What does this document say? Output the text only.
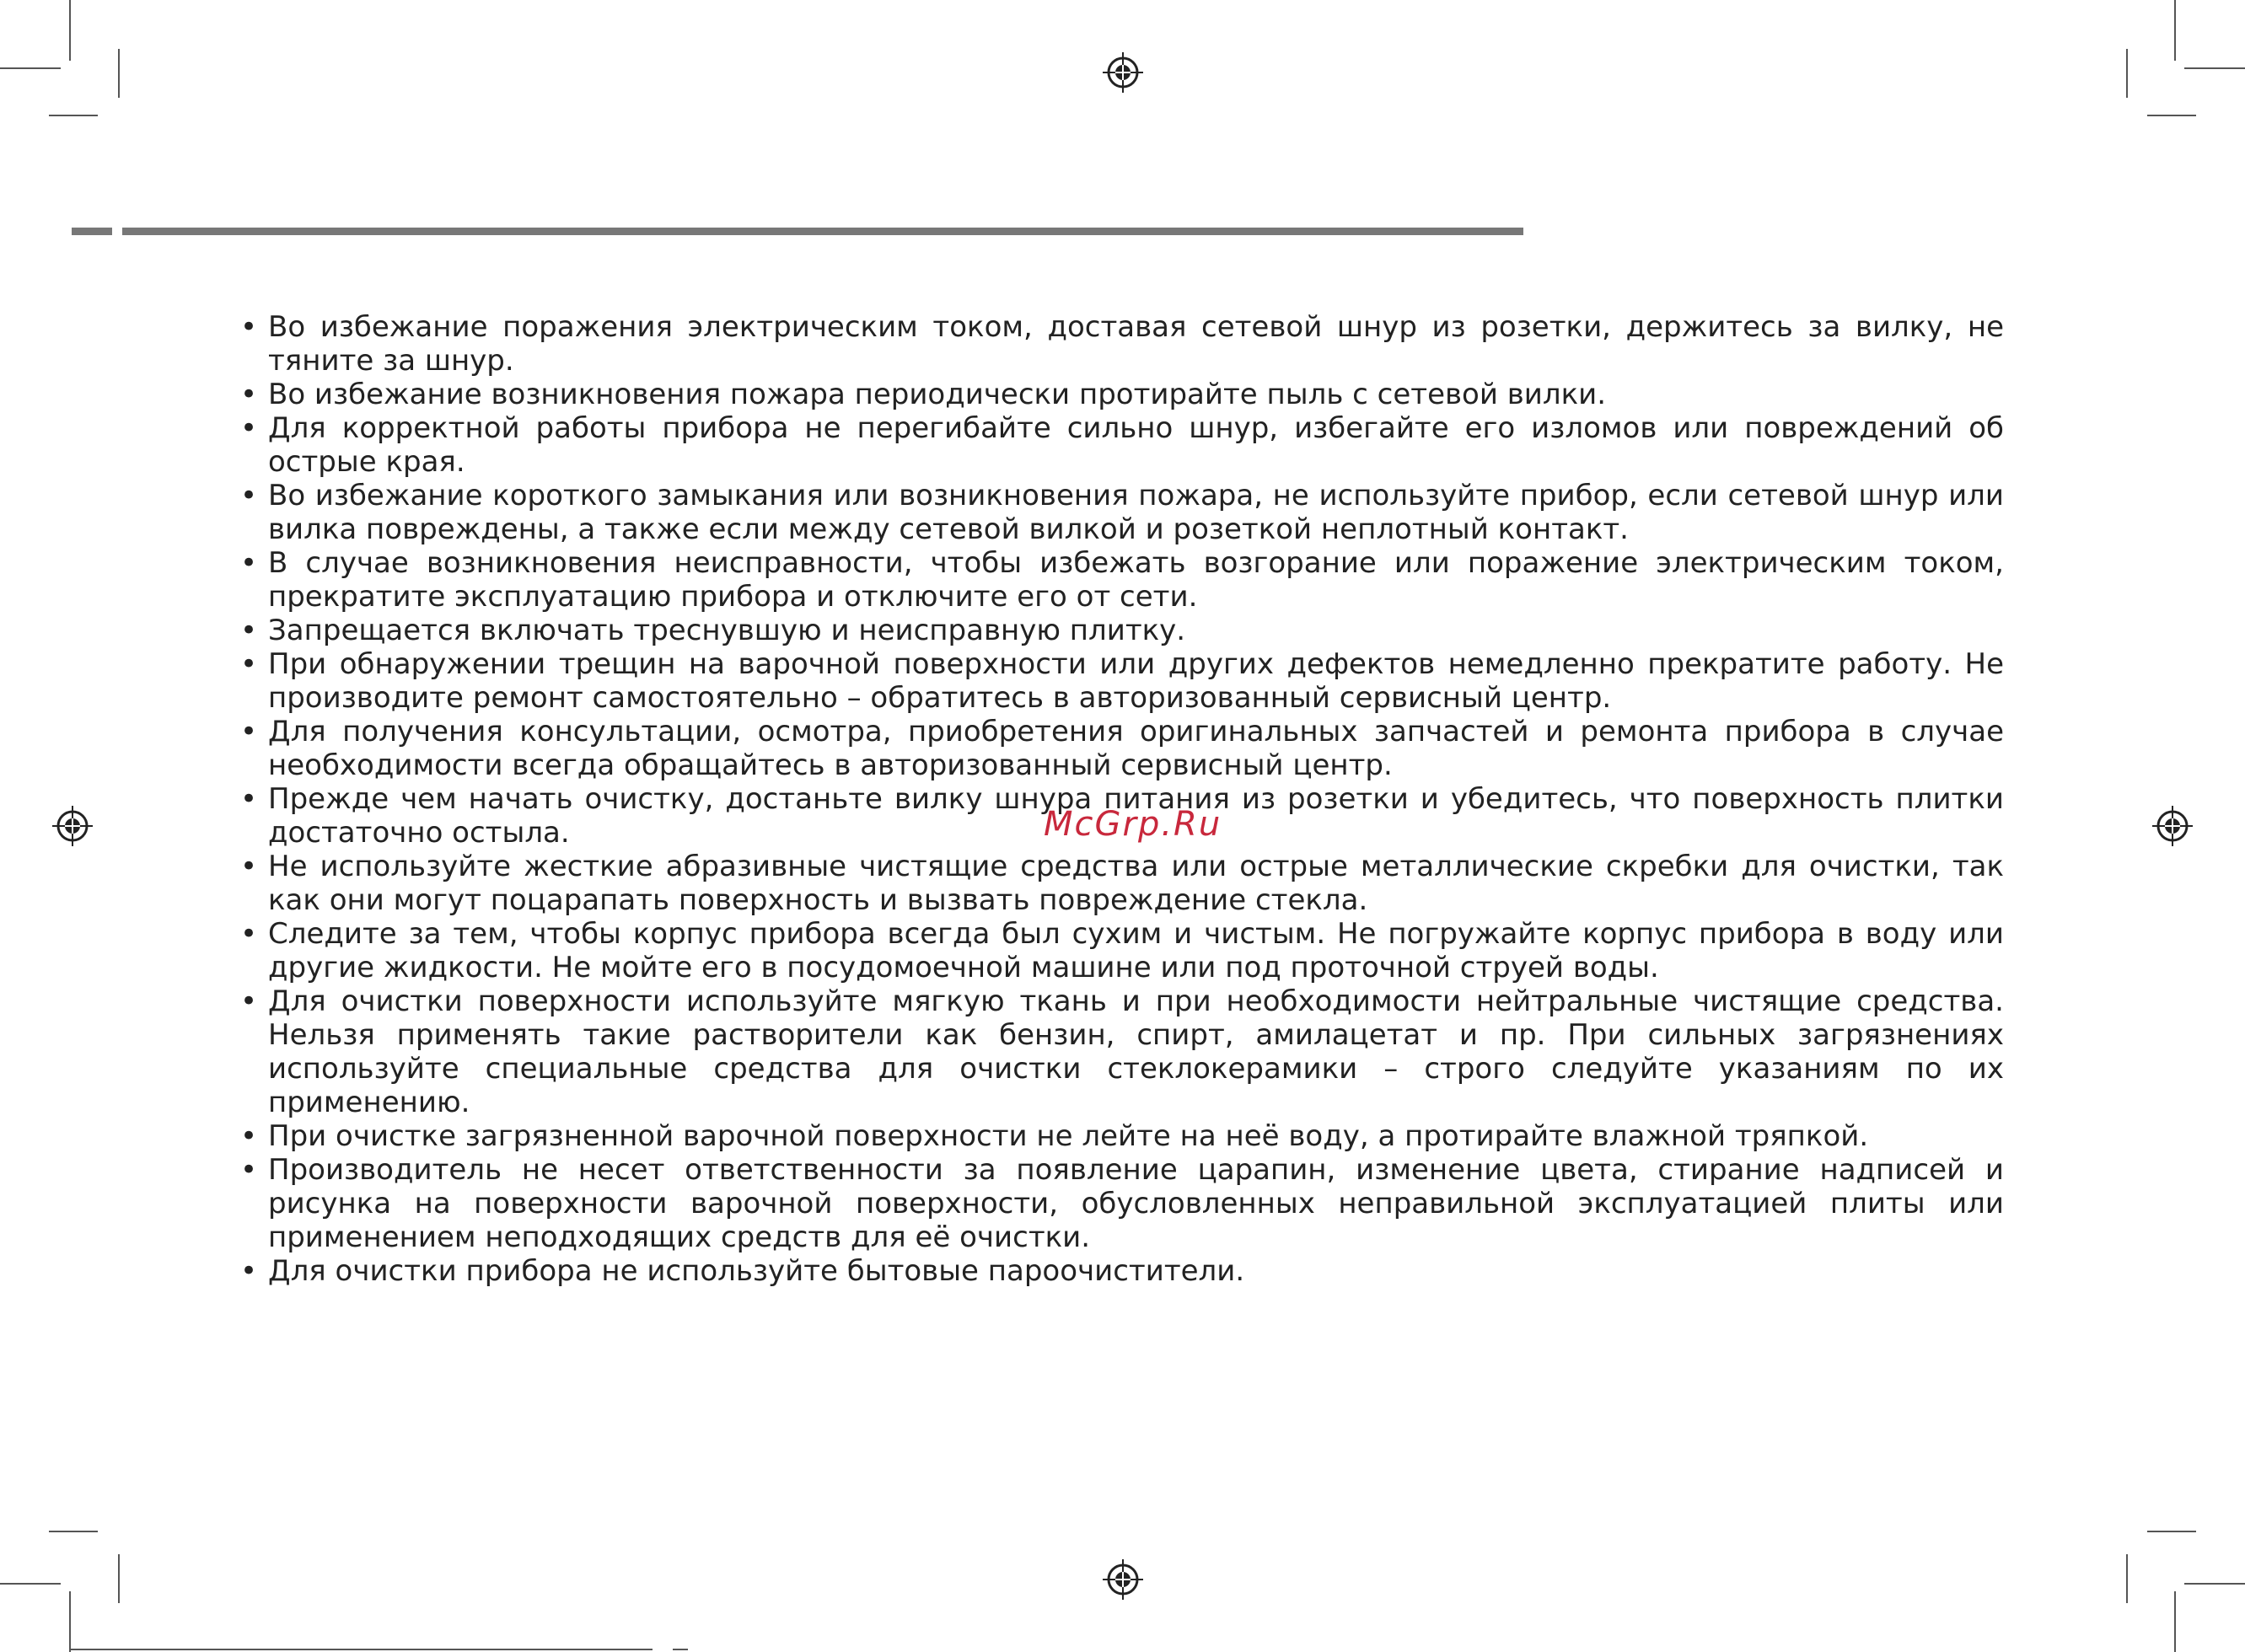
• Во избежание поражения электрическим током, доставая сетевой шнур из розетки, держитесь за вилку, не тяните за шнур.
• Во избежание возникновения пожара периодически протирайте пыль с сетевой вилки.
• Для корректной работы прибора не перегибайте сильно шнур, избегайте его изломов или повреждений об острые края.
• Во избежание короткого замыкания или возникновения пожара, не используйте прибор, если сетевой шнур или вилка повреждены, а также если между сетевой вилкой и розеткой неплотный контакт.
• В случае возникновения неисправности, чтобы избежать возгорание или поражение электрическим током, прекратите эксплуатацию прибора и отключите его от сети.
• Запрещается включать треснувшую и неисправную плитку.
• При обнаружении трещин на варочной поверхности или других дефектов немедленно прекратите работу. Не производите ремонт самостоятельно – обратитесь в авторизованный сервисный центр.
• Для получения консультации, осмотра, приобретения оригинальных запчастей и ремонта прибора в случае необходимости всегда обращайтесь в авторизованный сервисный центр.
• Прежде чем начать очистку, достаньте вилку шнура питания из розетки и убедитесь, что поверхность плитки достаточно остыла.
• Не используйте жесткие абразивные чистящие средства или острые металлические скребки для очистки, так как они могут поцарапать поверхность и вызвать повреждение стекла.
• Следите за тем, чтобы корпус прибора всегда был сухим и чистым. Не погружайте корпус прибора в воду или другие жидкости. Не мойте его в посудомоечной машине или под проточной струей воды.
• Для очистки поверхности используйте мягкую ткань и при необходимости нейтральные чистящие средства. Нельзя применять такие растворители как бензин, спирт, амилацетат и пр. При сильных загрязнениях используйте специальные средства для очистки стеклокерамики – строго следуйте указаниям по их применению.
• При очистке загрязненной варочной поверхности не лейте на неё воду, а протирайте влажной тряпкой.
• Производитель не несет ответственности за появление царапин, изменение цвета, стирание надписей и рисунка на поверхности варочной поверхности, обусловленных неправильной эксплуатацией плиты или применением неподходящих средств для её очистки.
• Для очистки прибора не используйте бытовые пароочистители.
McGrp.Ru
